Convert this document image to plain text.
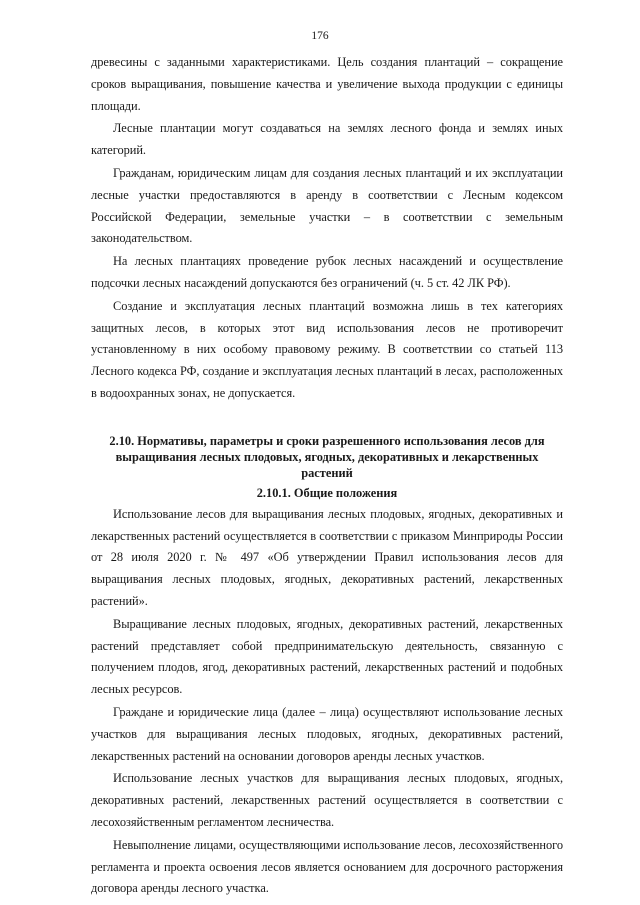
176

древесины с заданными характеристиками. Цель создания плантаций – сокращение сроков выращивания, повышение качества и увеличение выхода продукции с единицы площади.

Лесные плантации могут создаваться на землях лесного фонда и землях иных категорий.

Гражданам, юридическим лицам для создания лесных плантаций и их эксплуатации лесные участки предоставляются в аренду в соответствии с Лесным кодексом Российской Федерации, земельные участки – в соответствии с земельным законодательством.

На лесных плантациях проведение рубок лесных насаждений и осуществление подсочки лесных насаждений допускаются без ограничений (ч. 5 ст. 42 ЛК РФ).

Создание и эксплуатация лесных плантаций возможна лишь в тех категориях защитных лесов, в которых этот вид использования лесов не противоречит установленному в них особому правовому режиму. В соответствии со статьей 113 Лесного кодекса РФ, создание и эксплуатация лесных плантаций в лесах, расположенных в водоохранных зонах, не допускается.

2.10. Нормативы, параметры и сроки разрешенного использования лесов для выращивания лесных плодовых, ягодных, декоративных и лекарственных растений
2.10.1. Общие положения

Использование лесов для выращивания лесных плодовых, ягодных, декоративных и лекарственных растений осуществляется в соответствии с приказом Минприроды России от 28 июля 2020 г. № 497 «Об утверждении Правил использования лесов для выращивания лесных плодовых, ягодных, декоративных растений, лекарственных растений».

Выращивание лесных плодовых, ягодных, декоративных растений, лекарственных растений представляет собой предпринимательскую деятельность, связанную с получением плодов, ягод, декоративных растений, лекарственных растений и подобных лесных ресурсов.

Граждане и юридические лица (далее – лица) осуществляют использование лесных участков для выращивания лесных плодовых, ягодных, декоративных растений, лекарственных растений на основании договоров аренды лесных участков.

Использование лесных участков для выращивания лесных плодовых, ягодных, декоративных растений, лекарственных растений осуществляется в соответствии с лесохозяйственным регламентом лесничества.

Невыполнение лицами, осуществляющими использование лесов, лесохозяйственного регламента и проекта освоения лесов является основанием для досрочного расторжения договора аренды лесного участка.
